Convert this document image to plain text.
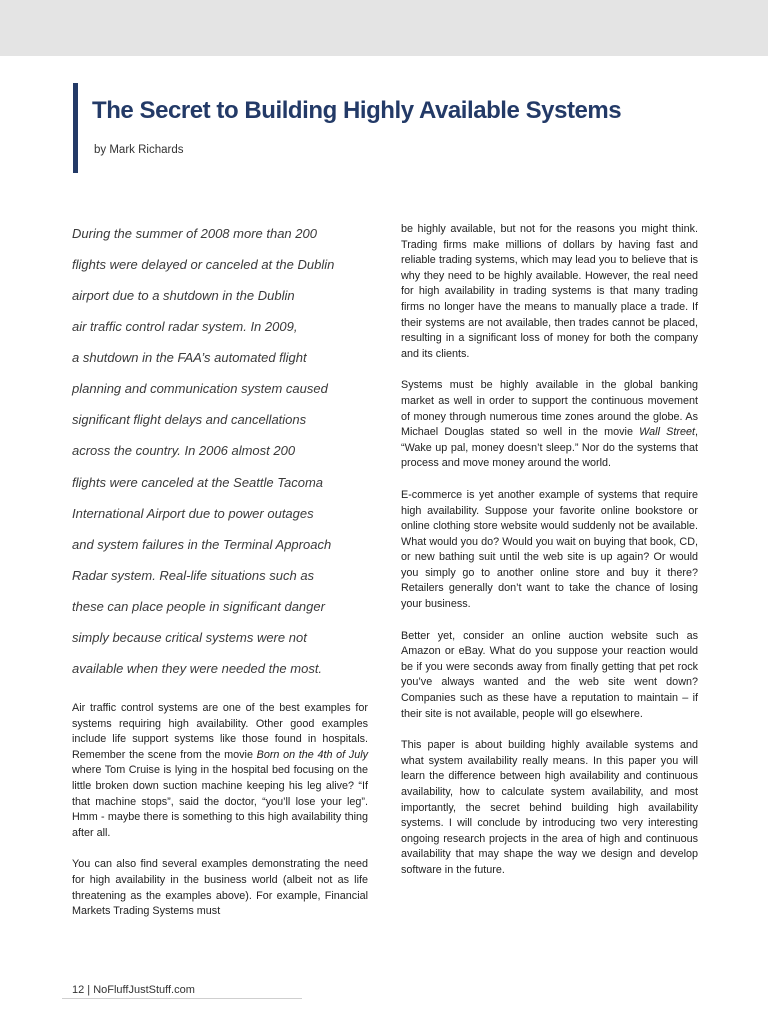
The Secret to Building Highly Available Systems
by Mark Richards
During the summer of 2008 more than 200
flights were delayed or canceled at the Dublin
airport due to a shutdown in the Dublin
air traffic control radar system. In 2009,
a shutdown in the FAA’s automated flight
planning and communication system caused
significant flight delays and cancellations
across the country. In 2006 almost 200
flights were canceled at the Seattle Tacoma
International Airport due to power outages
and system failures in the Terminal Approach
Radar system. Real-life situations such as
these can place people in significant danger
simply because critical systems were not
available when they were needed the most.

Air traffic control systems are one of the best examples for systems requiring high availability. Other good examples include life support systems like those found in hospitals. Remember the scene from the movie Born on the 4th of July where Tom Cruise is lying in the hospital bed focusing on the little broken down suction machine keeping his leg alive? “If that machine stops”, said the doctor, “you’ll lose your leg”. Hmm - maybe there is something to this high availability thing after all.

You can also find several examples demonstrating the need for high availability in the business world (albeit not as life threatening as the examples above). For example, Financial Markets Trading Systems must

be highly available, but not for the reasons you might think. Trading firms make millions of dollars by having fast and reliable trading systems, which may lead you to believe that is why they need to be highly available. However, the real need for high availability in trading systems is that many trading firms no longer have the means to manually place a trade. If their systems are not available, then trades cannot be placed, resulting in a significant loss of money for both the company and its clients.

Systems must be highly available in the global banking market as well in order to support the continuous movement of money through numerous time zones around the globe. As Michael Douglas stated so well in the movie Wall Street, “Wake up pal, money doesn’t sleep.” Nor do the systems that process and move money around the world.

E-commerce is yet another example of systems that require high availability. Suppose your favorite online bookstore or online clothing store website would suddenly not be available. What would you do? Would you wait on buying that book, CD, or new bathing suit until the web site is up again? Or would you simply go to another online store and buy it there? Retailers generally don’t want to take the chance of losing your business.

Better yet, consider an online auction website such as Amazon or eBay. What do you suppose your reaction would be if you were seconds away from finally getting that pet rock you’ve always wanted and the web site went down? Companies such as these have a reputation to maintain – if their site is not available, people will go elsewhere.

This paper is about building highly available systems and what system availability really means. In this paper you will learn the difference between high availability and continuous availability, how to calculate system availability, and most importantly, the secret behind building high availability systems. I will conclude by introducing two very interesting ongoing research projects in the area of high and continuous availability that may shape the way we design and develop software in the future.

12 | NoFluffJustStuff.com
